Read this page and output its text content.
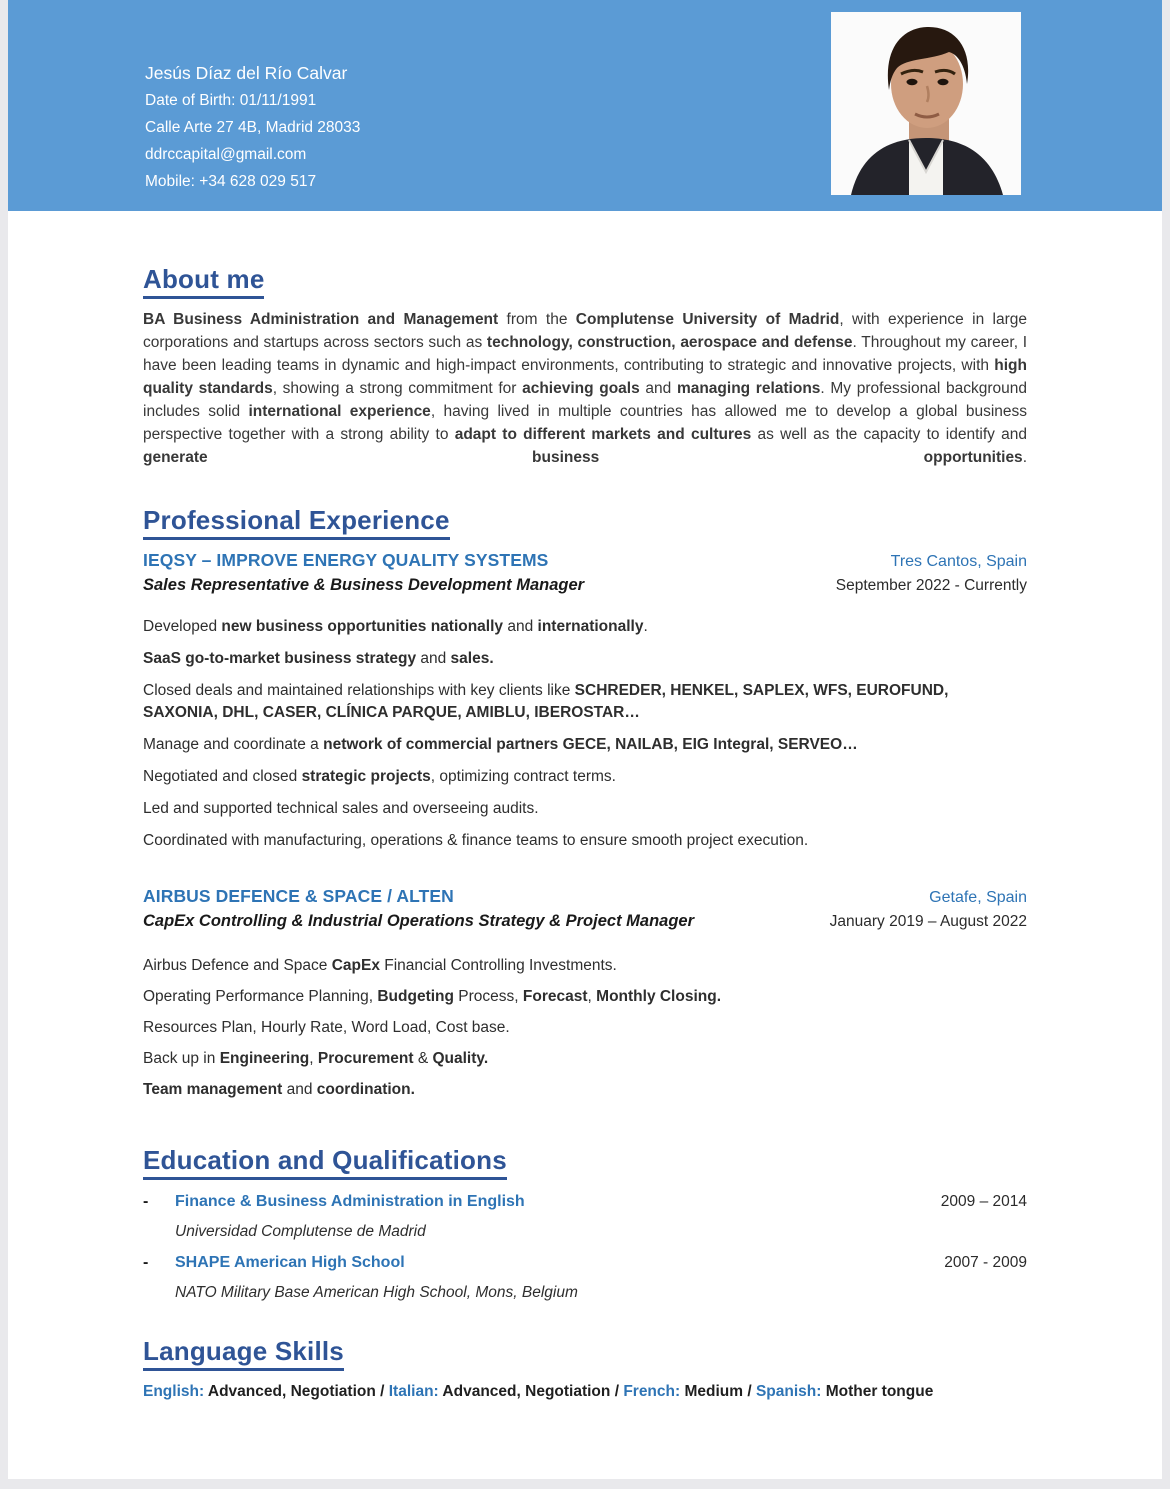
Jesús Díaz del Río Calvar
Date of Birth: 01/11/1991
Calle Arte 27 4B, Madrid 28033
ddrccapital@gmail.com
Mobile: +34 628 029 517
About me

BA Business Administration and Management from the Complutense University of Madrid, with experience in large corporations and startups across sectors such as technology, construction, aerospace and defense. Throughout my career, I have been leading teams in dynamic and high-impact environments, contributing to strategic and innovative projects, with high quality standards, showing a strong commitment for achieving goals and managing relations. My professional background includes solid international experience, having lived in multiple countries has allowed me to develop a global business perspective together with a strong ability to adapt to different markets and cultures as well as the capacity to identify and generate business opportunities.

Professional Experience
IEQSY – IMPROVE ENERGY QUALITY SYSTEMS	Tres Cantos, Spain
Sales Representative & Business Development Manager	September 2022 - Currently

Developed new business opportunities nationally and internationally.

SaaS go-to-market business strategy and sales.

Closed deals and maintained relationships with key clients like SCHREDER, HENKEL, SAPLEX, WFS, EUROFUND, SAXONIA, DHL, CASER, CLÍNICA PARQUE, AMIBLU, IBEROSTAR…

Manage and coordinate a network of commercial partners GECE, NAILAB, EIG Integral, SERVEO…

Negotiated and closed strategic projects, optimizing contract terms.

Led and supported technical sales and overseeing audits.

Coordinated with manufacturing, operations & finance teams to ensure smooth project execution.

AIRBUS DEFENCE & SPACE / ALTEN	Getafe, Spain
CapEx Controlling & Industrial Operations Strategy & Project Manager	January 2019 – August 2022

Airbus Defence and Space CapEx Financial Controlling Investments.

Operating Performance Planning, Budgeting Process, Forecast, Monthly Closing.

Resources Plan, Hourly Rate, Word Load, Cost base.

Back up in Engineering, Procurement & Quality.

Team management and coordination.

Education and Qualifications
-	Finance & Business Administration in English	2009 – 2014
Universidad Complutense de Madrid
-	SHAPE American High School	2007 - 2009
NATO Military Base American High School, Mons, Belgium
Language Skills

English: Advanced, Negotiation / Italian: Advanced, Negotiation / French: Medium / Spanish: Mother tongue
